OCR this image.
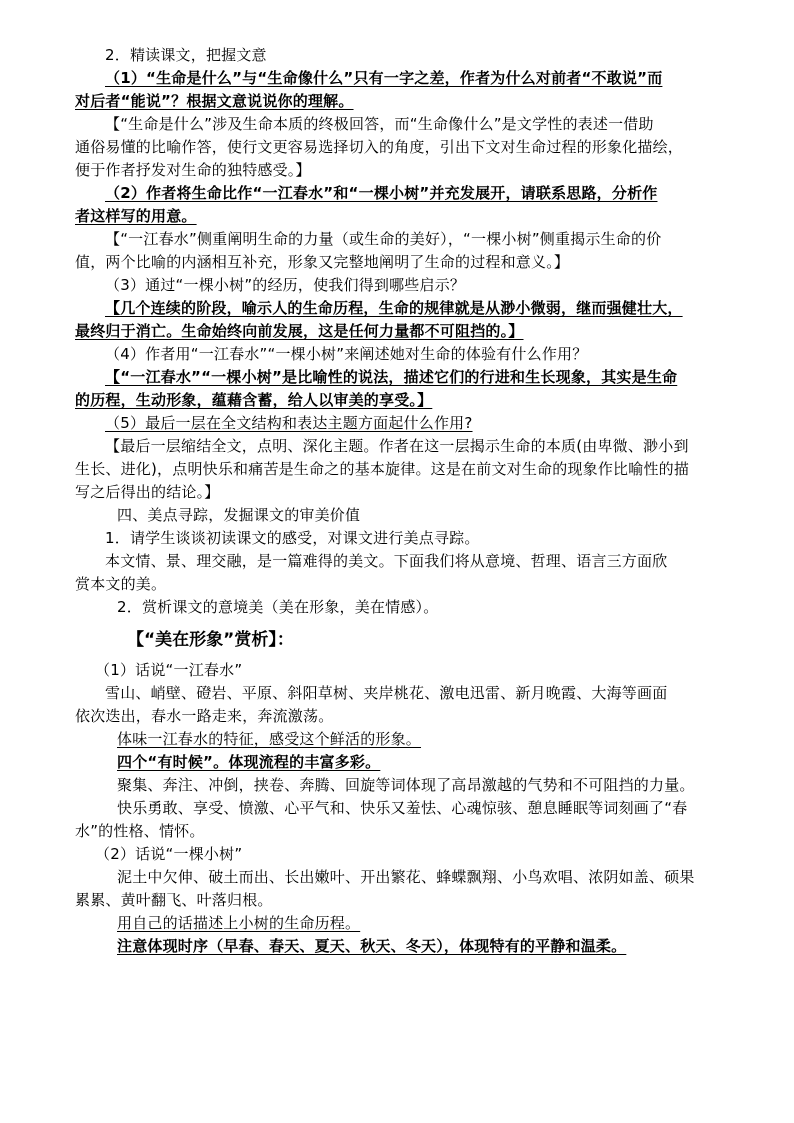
2．精读课文，把握文意
（1）“生命是什么”与“生命像什么”只有一字之差，作者为什么对前者“不敢说”而
对后者“能说”？根据文意说说你的理解。
【“生命是什么”涉及生命本质的终极回答，而“生命像什么”是文学性的表述一借助
通俗易懂的比喻作答，使行文更容易选择切入的角度，引出下文对生命过程的形象化描绘，
便于作者抒发对生命的独特感受。】
（2）作者将生命比作“一江春水”和“一棵小树”并充发展开，请联系思路，分析作
者这样写的用意。
【“一江春水”侧重阐明生命的力量（或生命的美好），“一棵小树”侧重揭示生命的价
值，两个比喻的内涵相互补充，形象又完整地阐明了生命的过程和意义。】
（3）通过“一棵小树”的经历，使我们得到哪些启示？
【几个连续的阶段，喻示人的生命历程，生命的规律就是从渺小微弱，继而强健壮大，
最终归于消亡。生命始终向前发展，这是任何力量都不可阻挡的。】
（4）作者用“一江春水”“一棵小树”来阐述她对生命的体验有什么作用？
【“一江春水”“一棵小树”是比喻性的说法，描述它们的行进和生长现象，其实是生命
的历程，生动形象，蕴藉含蓄，给人以审美的享受。】
（5）最后一层在全文结构和表达主题方面起什么作用?
【最后一层缩结全文，点明、深化主题。作者在这一层揭示生命的本质(由卑微、渺小到
生长、进化)，点明快乐和痛苦是生命之的基本旋律。这是在前文对生命的现象作比喻性的描
写之后得出的结论。】
四、美点寻踪，发掘课文的审美价值
1．请学生谈谈初读课文的感受，对课文进行美点寻踪。
本文情、景、理交融，是一篇难得的美文。下面我们将从意境、哲理、语言三方面欣
赏本文的美。
2．赏析课文的意境美（美在形象，美在情感）。
【“美在形象”赏析】：
（1）话说“一江春水”
雪山、峭壁、磴岩、平原、斜阳草树、夹岸桃花、激电迅雷、新月晚霞、大海等画面
依次迭出，春水一路走来，奔流激荡。
体味一江春水的特征，感受这个鲜活的形象。
四个“有时候”。体现流程的丰富多彩。
聚集、奔注、冲倒，挟卷、奔腾、回旋等词体现了高昂激越的气势和不可阻挡的力量。
快乐勇敢、享受、愤激、心平气和、快乐又羞怯、心魂惊骇、憩息睡眠等词刻画了“春
水”的性格、情怀。
（2）话说“一棵小树”
泥土中欠伸、破土而出、长出嫩叶、开出繁花、蜂蝶飘翔、小鸟欢唱、浓阴如盖、硕果
累累、黄叶翻飞、叶落归根。
用自己的话描述上小树的生命历程。
注意体现时序（早春、春天、夏天、秋天、冬天），体现特有的平静和温柔。
